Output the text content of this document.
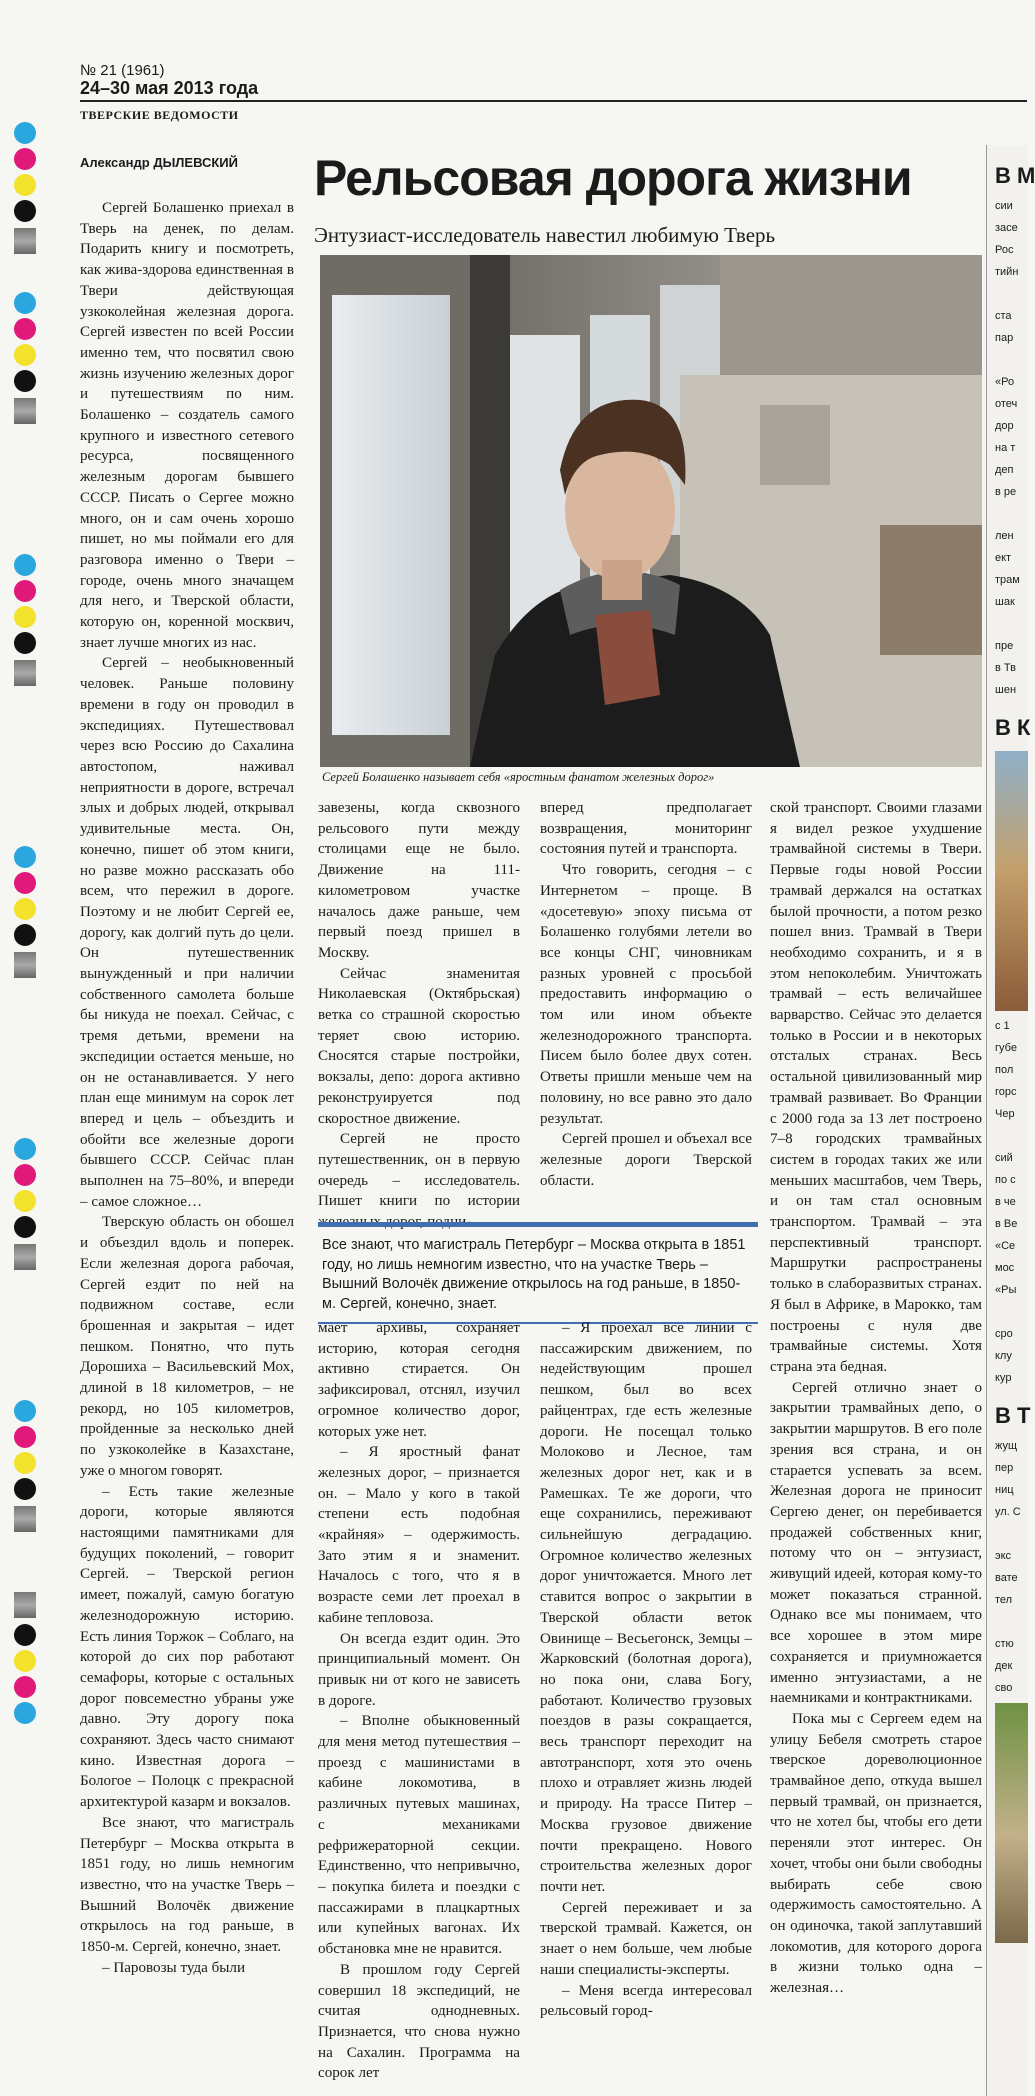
№ 21 (1961)
24–30 мая 2013 года
ТВЕРСКИЕ ВЕДОМОСТИ
Александр ДЫЛЕВСКИЙ Рельсовая дорога жизни
Энтузиаст-исследователь навестил любимую Тверь
Сергей Болашенко называет себя «яростным фанатом железных дорог»

Сергей Болашенко приехал в Тверь на денек, по делам. Подарить книгу и посмотреть, как жива-здорова единственная в Твери действующая узкоколейная железная дорога. Сергей известен по всей России именно тем, что посвятил свою жизнь изучению железных дорог и путешествиям по ним. Болашенко – создатель самого крупного и известного сетевого ресурса, посвященного железным дорогам бывшего СССР. Писать о Сергее можно много, он и сам очень хорошо пишет, но мы поймали его для разговора именно о Твери – городе, очень много значащем для него, и Тверской области, которую он, коренной москвич, знает лучше многих из нас.

Сергей – необыкновенный человек. Раньше половину времени в году он проводил в экспедициях. Путешествовал через всю Россию до Сахалина автостопом, наживал неприятности в дороге, встречал злых и добрых людей, открывал удивительные места. Он, конечно, пишет об этом книги, но разве можно рассказать обо всем, что пережил в дороге. Поэтому и не любит Сергей ее, дорогу, как долгий путь до цели. Он путешественник вынужденный и при наличии собственного самолета больше бы никуда не поехал. Сейчас, с тремя детьми, времени на экспедиции остается меньше, но он не останавливается. У него план еще минимум на сорок лет вперед и цель – объездить и обойти все железные дороги бывшего СССР. Сейчас план выполнен на 75–80%, и впереди – самое сложное…

Тверскую область он обошел и объездил вдоль и поперек. Если железная дорога рабочая, Сергей ездит по ней на подвижном составе, если брошенная и закрытая – идет пешком. Понятно, что путь Дорошиха – Васильевский Мох, длиной в 18 километров, – не рекорд, но 105 километров, пройденные за несколько дней по узкоколейке в Казахстане, уже о многом говорят.

– Есть такие железные дороги, которые являются настоящими памятниками для будущих поколений, – говорит Сергей. – Тверской регион имеет, пожалуй, самую богатую железнодорожную историю. Есть линия Торжок – Соблаго, на которой до сих пор работают семафоры, которые с остальных дорог повсеместно убраны уже давно. Эту дорогу пока сохраняют. Здесь часто снимают кино. Известная дорога – Бологое – Полоцк с прекрасной архитектурой казарм и вокзалов.

Все знают, что магистраль Петербург – Москва открыта в 1851 году, но лишь немногим известно, что на участке Тверь – Вышний Волочёк движение открылось на год раньше, в 1850-м. Сергей, конечно, знает.

– Паровозы туда были

завезены, когда сквозного рельсового пути между столицами еще не было. Движение на 111-километровом участке началось даже раньше, чем первый поезд пришел в Москву.

Сейчас знаменитая Николаевская (Октябрьская) ветка со страшной скоростью теряет свою историю. Сносятся старые постройки, вокзалы, депо: дорога активно реконструируется под скоростное движение.

Сергей не просто путешественник, он в первую очередь – исследователь. Пишет книги по истории железных дорог, подни-

вперед предполагает возвращения, мониторинг состояния путей и транспорта.

Что говорить, сегодня – с Интернетом – проще. В «досетевую» эпоху письма от Болашенко голубями летели во все концы СНГ, чиновникам разных уровней с просьбой предоставить информацию о том или ином объекте железнодорожного транспорта. Писем было более двух сотен. Ответы пришли меньше чем на половину, но все равно это дало результат.

Сергей прошел и объехал все железные дороги Тверской области.

Все знают, что магистраль Петербург – Москва открыта в 1851 году, но лишь немногим известно, что на участке Тверь – Вышний Волочёк движение открылось на год раньше, в 1850-м. Сергей, конечно, знает.

мает архивы, сохраняет историю, которая сегодня активно стирается. Он зафиксировал, отснял, изучил огромное количество дорог, которых уже нет.

– Я яростный фанат железных дорог, – признается он. – Мало у кого в такой степени есть подобная «крайняя» – одержимость. Зато этим я и знаменит. Началось с того, что я в возрасте семи лет проехал в кабине тепловоза.

Он всегда ездит один. Это принципиальный момент. Он привык ни от кого не зависеть в дороге.

– Вполне обыкновенный для меня метод путешествия – проезд с машинистами в кабине локомотива, в различных путевых машинах, с механиками рефрижераторной секции. Единственно, что непривычно, – покупка билета и поездки с пассажирами в плацкартных или купейных вагонах. Их обстановка мне не нравится.

В прошлом году Сергей совершил 18 экспедиций, не считая однодневных. Признается, что снова нужно на Сахалин. Программа на сорок лет

– Я проехал все линии с пассажирским движением, по недействующим прошел пешком, был во всех райцентрах, где есть железные дороги. Не посещал только Молоково и Лесное, там железных дорог нет, как и в Рамешках. Те же дороги, что еще сохранились, переживают сильнейшую деградацию. Огромное количество железных дорог уничтожается. Много лет ставится вопрос о закрытии в Тверской области веток Овинище – Весьегонск, Земцы – Жарковский (болотная дорога), но пока они, слава Богу, работают. Количество грузовых поездов в разы сокращается, весь транспорт переходит на автотранспорт, хотя это очень плохо и отравляет жизнь людей и природу. На трассе Питер – Москва грузовое движение почти прекращено. Нового строительства железных дорог почти нет.

Сергей переживает и за тверской трамвай. Кажется, он знает о нем больше, чем любые наши специалисты-эксперты.

– Меня всегда интересовал рельсовый город-

ской транспорт. Своими глазами я видел резкое ухудшение трамвайной системы в Твери. Первые годы новой России трамвай держался на остатках былой прочности, а потом резко пошел вниз. Трамвай в Твери необходимо сохранить, и я в этом непоколебим. Уничтожать трамвай – есть величайшее варварство. Сейчас это делается только в России и в некоторых отсталых странах. Весь остальной цивилизованный мир трамвай развивает. Во Франции с 2000 года за 13 лет построено 7–8 городских трамвайных систем в городах таких же или меньших масштабов, чем Тверь, и он там стал основным транспортом. Трамвай – эта перспективный транспорт. Маршрутки распространены только в слаборазвитых странах. Я был в Африке, в Марокко, там построены с нуля две трамвайные системы. Хотя страна эта бедная.

Сергей отлично знает о закрытии трамвайных депо, о закрытии маршрутов. В его поле зрения вся страна, и он старается успевать за всем. Железная дорога не приносит Сергею денег, он перебивается продажей собственных книг, потому что он – энтузиаст, живущий идеей, которая кому-то может показаться странной. Однако все мы понимаем, что все хорошее в этом мире сохраняется и приумножается именно энтузиастами, а не наемниками и контрактниками.

Пока мы с Сергеем едем на улицу Бебеля смотреть старое тверское дореволюционное трамвайное депо, откуда вышел первый трамвай, он признается, что не хотел бы, чтобы его дети переняли этот интерес. Он хочет, чтобы они были свободны выбирать себе свою одержимость самостоятельно. А он одиночка, такой заплутавший локомотив, для которого дорога в жизни только одна – железная…

В М
сии
засе
Рос
тийн

ста
пар

«Ро
отеч
дор
на т
деп
в ре

лен
ект
трам
шак

пре
в Тв
шен
В К
с 1
губе
пол
горс
Чер

сий
по с
в че
в Ве
«Се
мос
«Ры

сро
клу
кур
В Т
жущ
пер
ниц
ул. С

экс
вате
тел

стю
дек
сво
